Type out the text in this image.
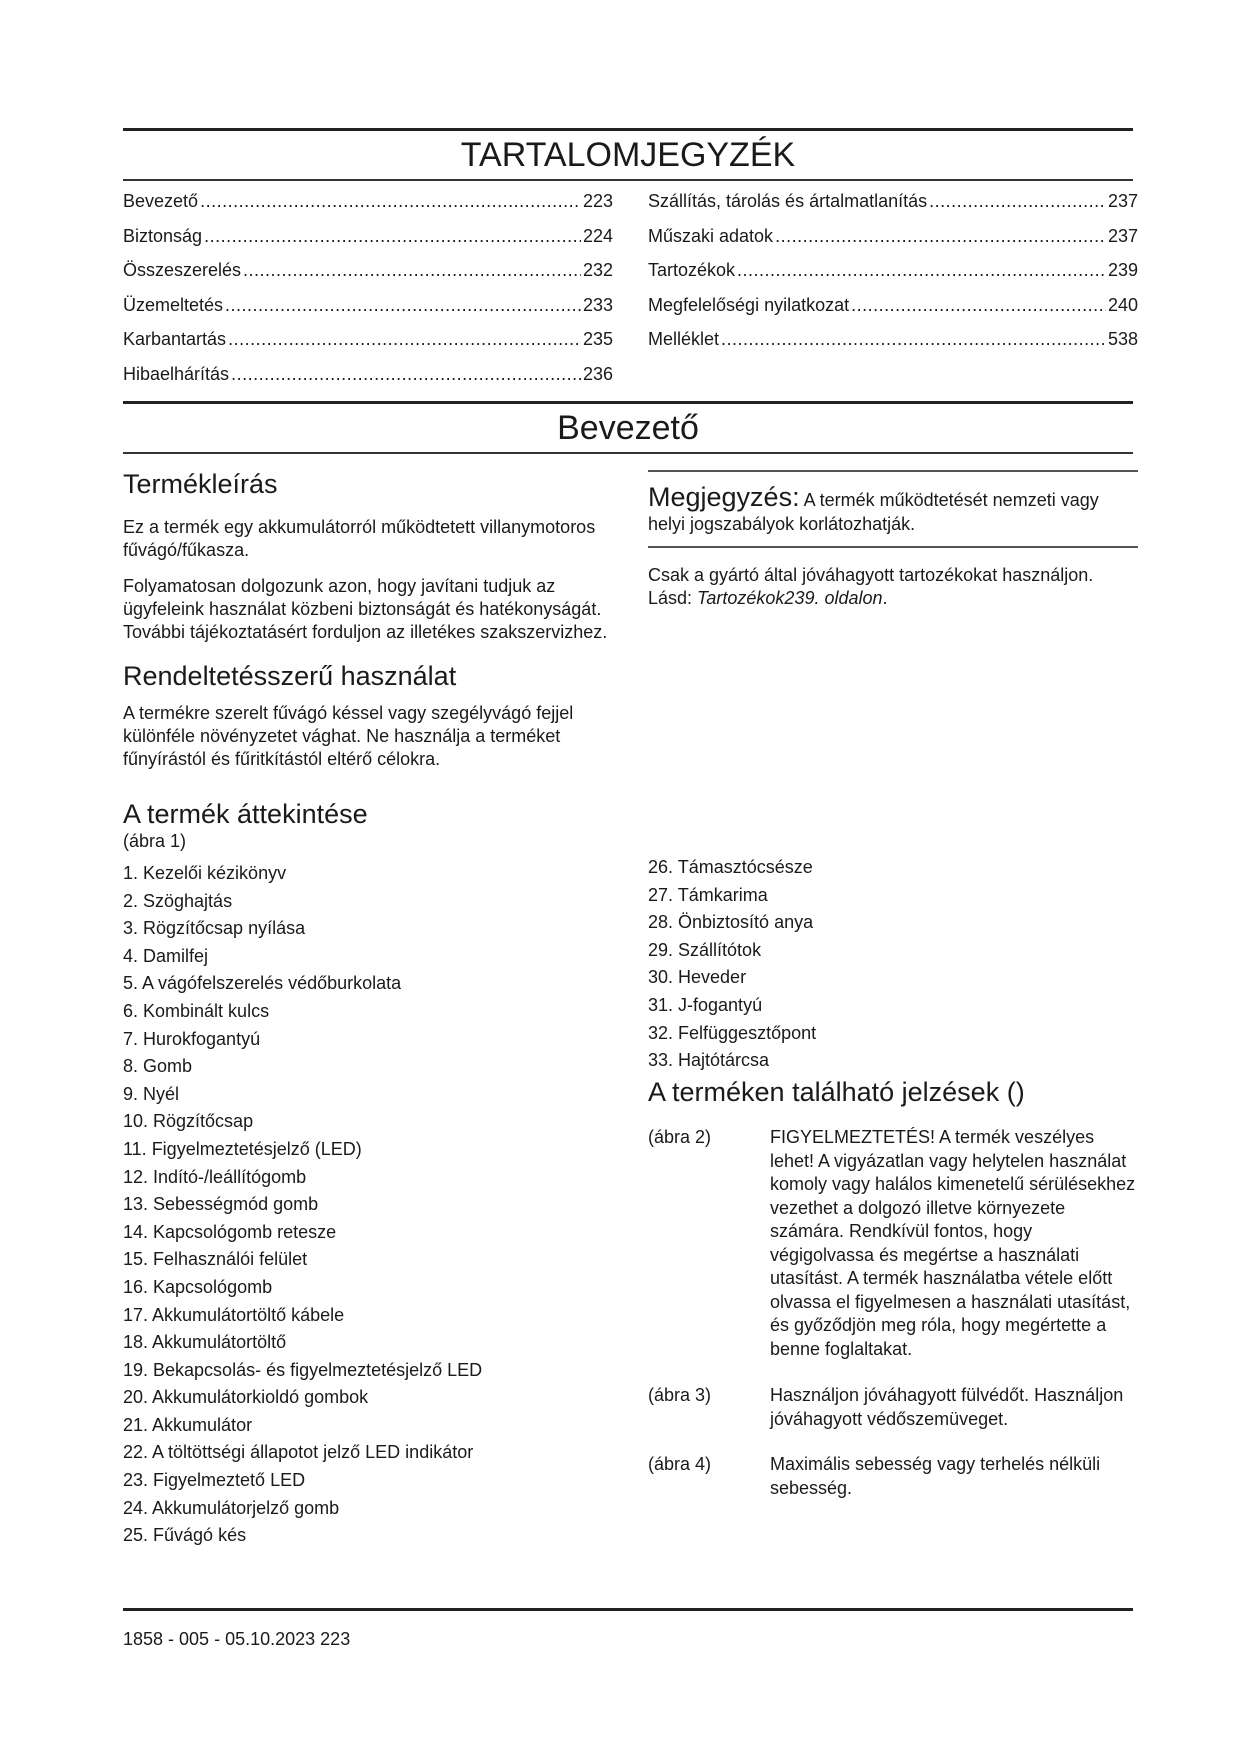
TARTALOMJEGYZÉK
Bevezető .....	223
Biztonság .....	224
Összeszerelés .....	232
Üzemeltetés .....	233
Karbantartás .....	235
Hibaelhárítás .....	236
Szállítás, tárolás és ártalmatlanítás .....	237
Műszaki adatok .....	237
Tartozékok .....	239
Megfelelőségi nyilatkozat .....	240
Melléklet .....	538
Bevezető
Termékleírás

Ez a termék egy akkumulátorról működtetett villanymotoros fűvágó/fűkasza.

Folyamatosan dolgozunk azon, hogy javítani tudjuk az ügyfeleink használat közbeni biztonságát és hatékonyságát. További tájékoztatásért forduljon az illetékes szakszervizhez.

Rendeltetésszerű használat

A termékre szerelt fűvágó késsel vagy szegélyvágó fejjel különféle növényzetet vághat. Ne használja a terméket fűnyírástól és fűritkítástól eltérő célokra.

A termék áttekintése

(ábra 1)

1. Kezelői kézikönyv
2. Szöghajtás
3. Rögzítőcsap nyílása
4. Damilfej
5. A vágófelszerelés védőburkolata
6. Kombinált kulcs
7. Hurokfogantyú
8. Gomb
9. Nyél
10. Rögzítőcsap
11. Figyelmeztetésjelző (LED)
12. Indító-/leállítógomb
13. Sebességmód gomb
14. Kapcsológomb retesze
15. Felhasználói felület
16. Kapcsológomb
17. Akkumulátortöltő kábele
18. Akkumulátortöltő
19. Bekapcsolás- és figyelmeztetésjelző LED
20. Akkumulátorkioldó gombok
21. Akkumulátor
22. A töltöttségi állapotot jelző LED indikátor
23. Figyelmeztető LED
24. Akkumulátorjelző gomb
25. Fűvágó kés
Megjegyzés: A termék működtetését nemzeti vagy helyi jogszabályok korlátozhatják.

Csak a gyártó által jóváhagyott tartozékokat használjon. Lásd: Tartozékok239. oldalon.

26. Támasztócsésze
27. Támkarima
28. Önbiztosító anya
29. Szállítótok
30. Heveder
31. J-fogantyú
32. Felfüggesztőpont
33. Hajtótárcsa
A terméken található jelzések ()
(ábra 2)	FIGYELMEZTETÉS! A termék veszélyes lehet! A vigyázatlan vagy helytelen használat komoly vagy halálos kimenetelű sérülésekhez vezethet a dolgozó illetve környezete számára. Rendkívül fontos, hogy végigolvassa és megértse a használati utasítást. A termék használatba vétele előtt olvassa el figyelmesen a használati utasítást, és győződjön meg róla, hogy megértette a benne foglaltakat.
(ábra 3)	Használjon jóváhagyott fülvédőt. Használjon jóváhagyott védőszemüveget.
(ábra 4)	Maximális sebesség vagy terhelés nélküli sebesség.
1858 - 005 - 05.10.2023 223
